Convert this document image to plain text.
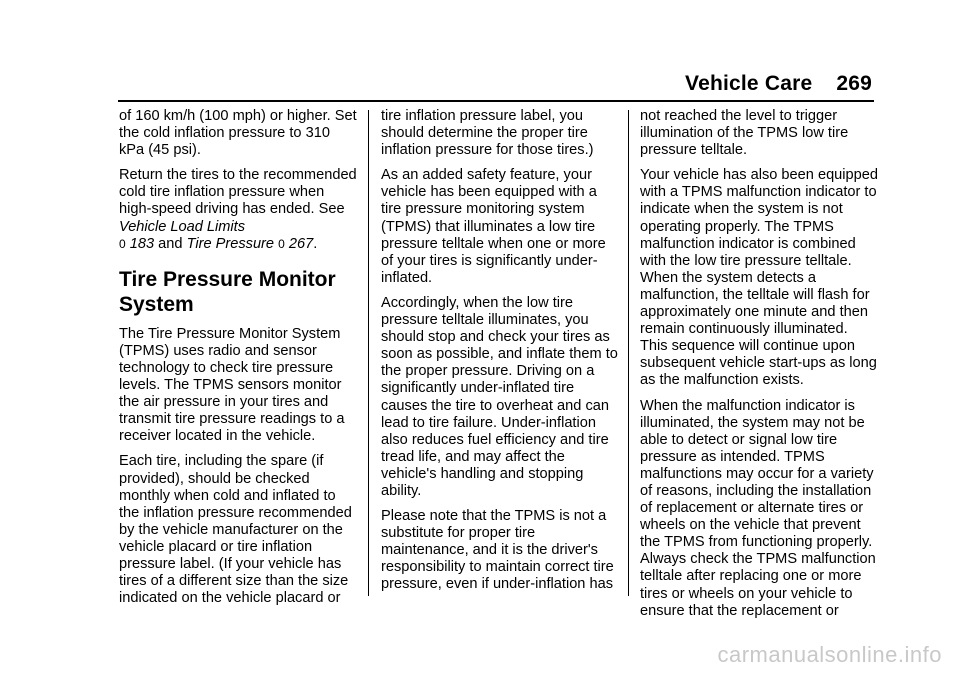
Vehicle Care 269

of 160 km/h (100 mph) or higher. Set the cold inflation pressure to 310 kPa (45 psi).

Return the tires to the recommended cold tire inflation pressure when high-speed driving has ended. See Vehicle Load Limits
0 183 and Tire Pressure 0 267.

Tire Pressure Monitor System

The Tire Pressure Monitor System (TPMS) uses radio and sensor technology to check tire pressure levels. The TPMS sensors monitor the air pressure in your tires and transmit tire pressure readings to a receiver located in the vehicle.

Each tire, including the spare (if provided), should be checked monthly when cold and inflated to the inflation pressure recommended by the vehicle manufacturer on the vehicle placard or tire inflation pressure label. (If your vehicle has tires of a different size than the size indicated on the vehicle placard or

tire inflation pressure label, you should determine the proper tire inflation pressure for those tires.)

As an added safety feature, your vehicle has been equipped with a tire pressure monitoring system (TPMS) that illuminates a low tire pressure telltale when one or more of your tires is significantly under-inflated.

Accordingly, when the low tire pressure telltale illuminates, you should stop and check your tires as soon as possible, and inflate them to the proper pressure. Driving on a significantly under-inflated tire causes the tire to overheat and can lead to tire failure. Under-inflation also reduces fuel efficiency and tire tread life, and may affect the vehicle's handling and stopping ability.

Please note that the TPMS is not a substitute for proper tire maintenance, and it is the driver's responsibility to maintain correct tire pressure, even if under-inflation has

not reached the level to trigger illumination of the TPMS low tire pressure telltale.

Your vehicle has also been equipped with a TPMS malfunction indicator to indicate when the system is not operating properly. The TPMS malfunction indicator is combined with the low tire pressure telltale. When the system detects a malfunction, the telltale will flash for approximately one minute and then remain continuously illuminated. This sequence will continue upon subsequent vehicle start-ups as long as the malfunction exists.

When the malfunction indicator is illuminated, the system may not be able to detect or signal low tire pressure as intended. TPMS malfunctions may occur for a variety of reasons, including the installation of replacement or alternate tires or wheels on the vehicle that prevent the TPMS from functioning properly. Always check the TPMS malfunction telltale after replacing one or more tires or wheels on your vehicle to ensure that the replacement or

carmanualsonline.info
